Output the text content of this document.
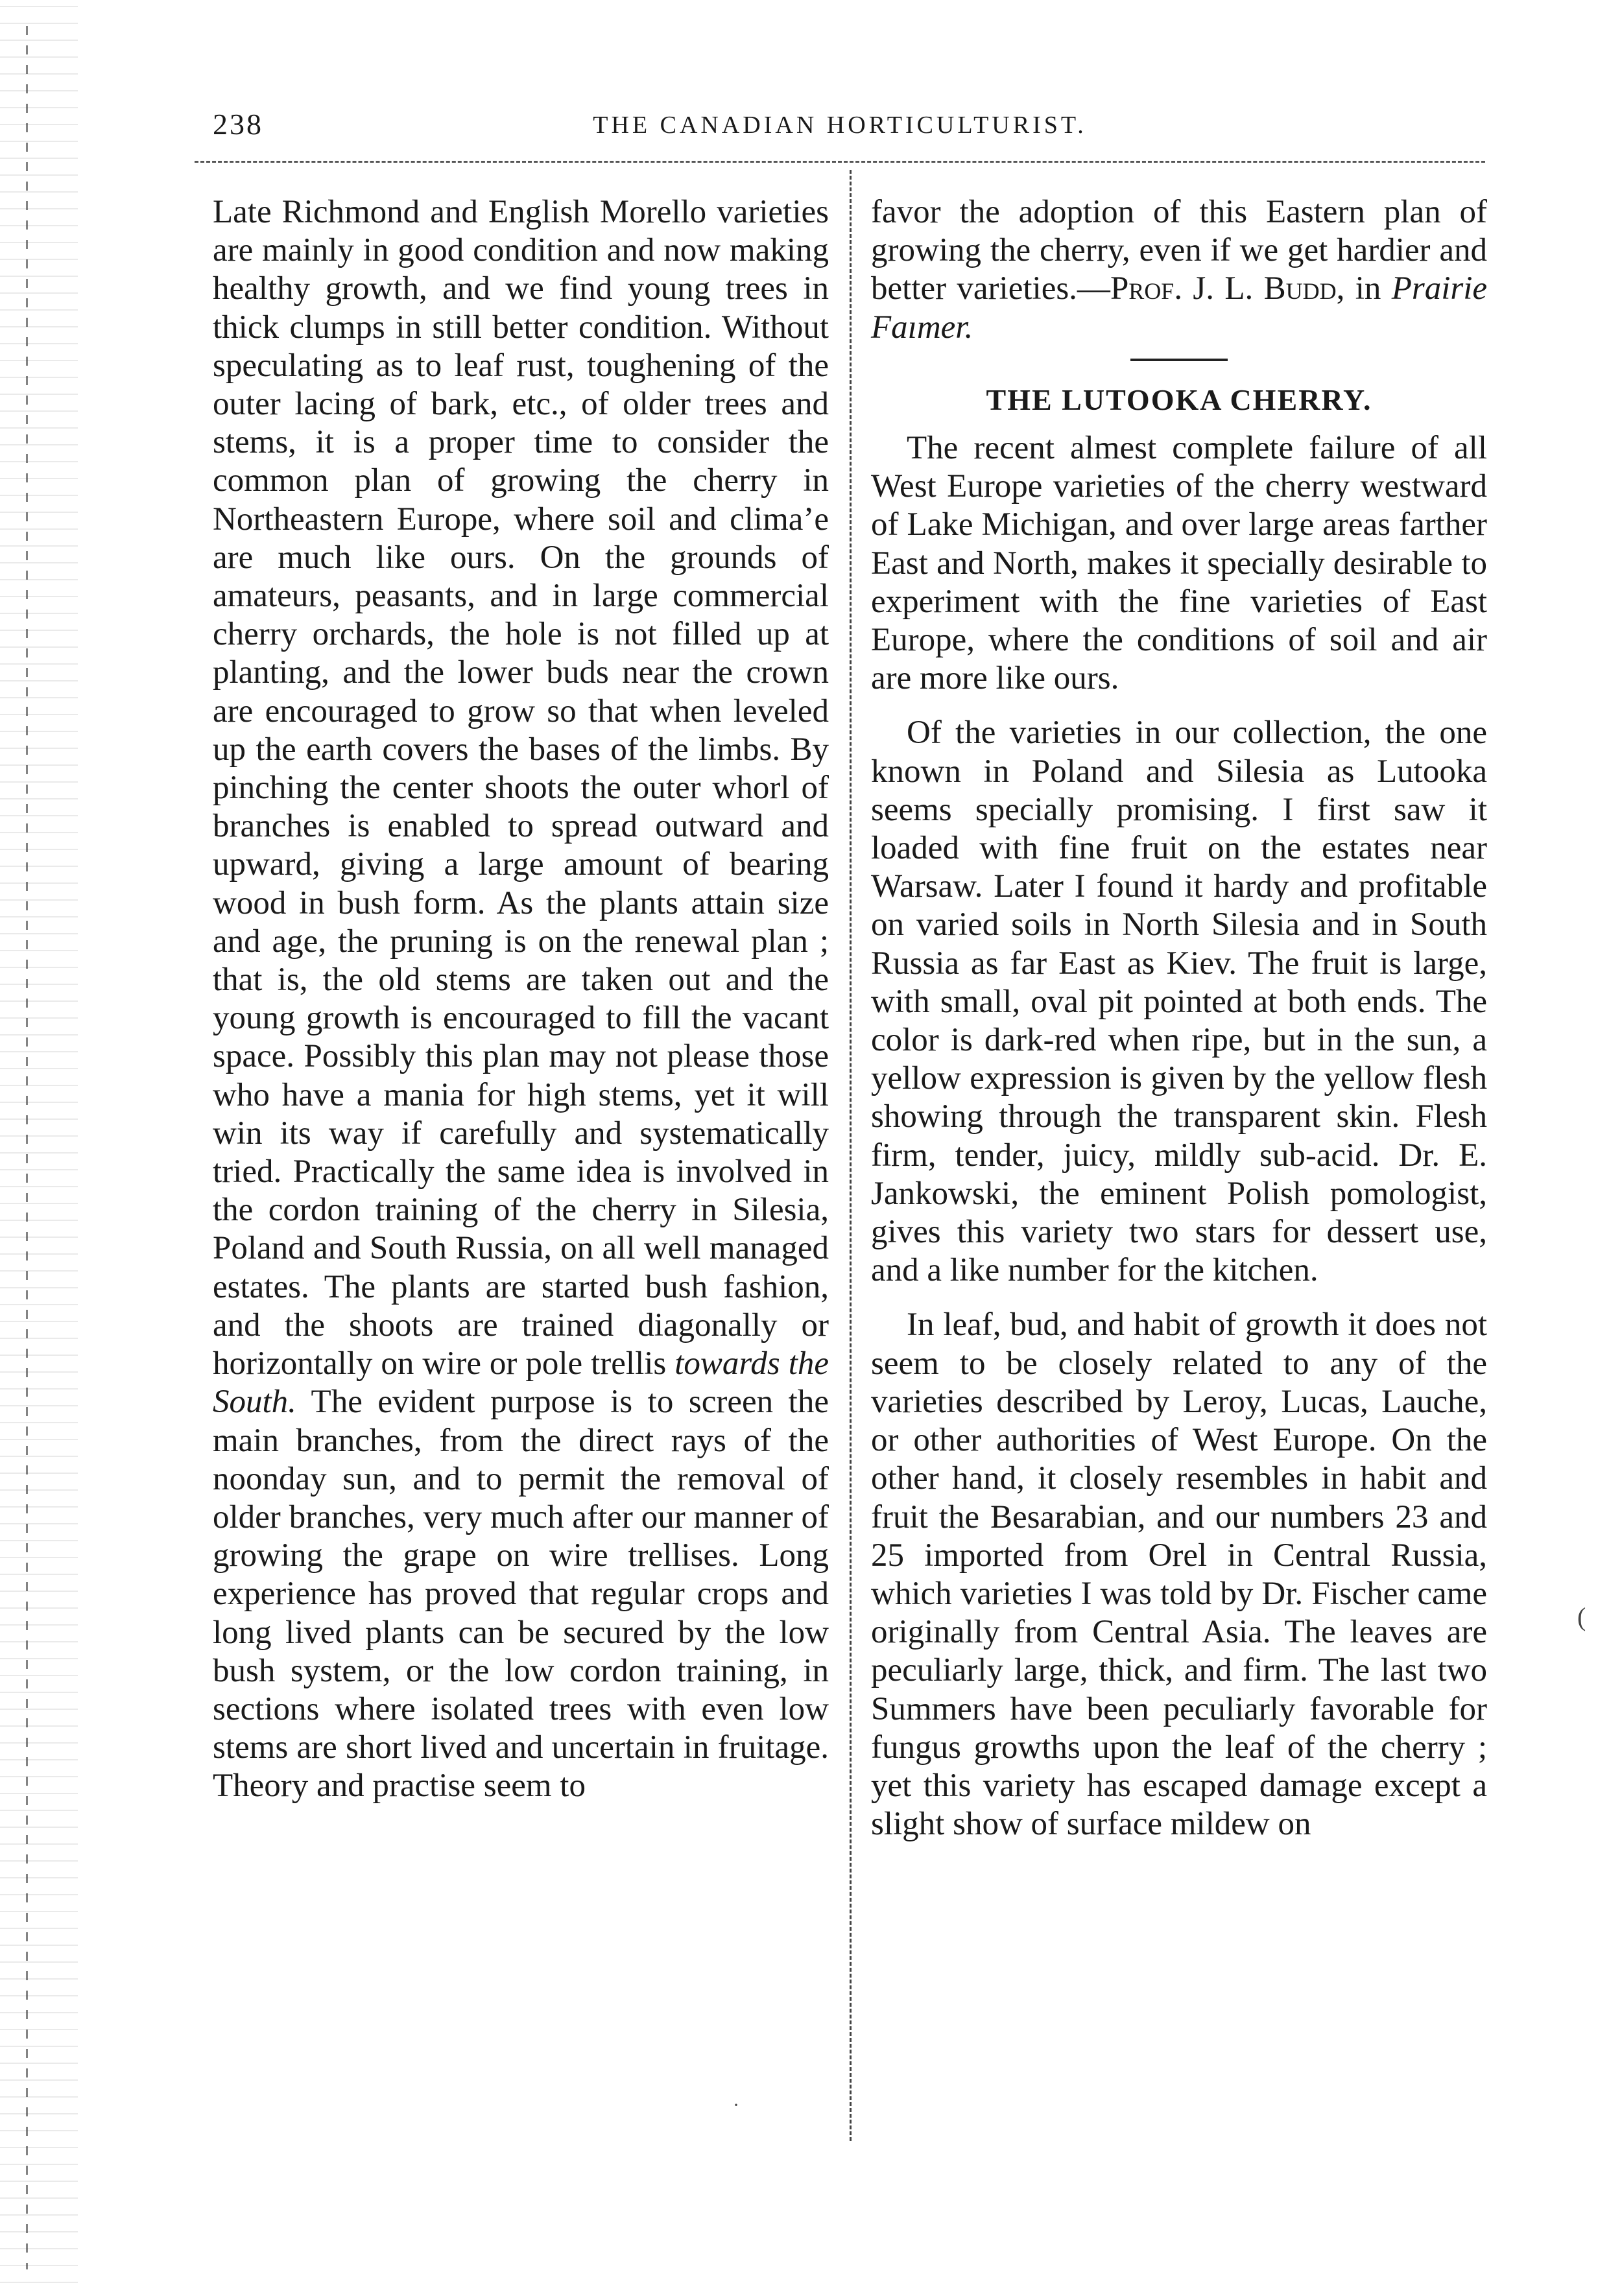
238	THE CANADIAN HORTICULTURIST.

Late Richmond and English Morello varieties are mainly in good condition and now making healthy growth, and we find young trees in thick clumps in still better condition. Without speculating as to leaf rust, toughening of the outer lacing of bark, etc., of older trees and stems, it is a proper time to consider the common plan of growing the cherry in Northeastern Europe, where soil and clima’e are much like ours. On the grounds of amateurs, peasants, and in large commercial cherry orchards, the hole is not filled up at planting, and the lower buds near the crown are encouraged to grow so that when leveled up the earth covers the bases of the limbs. By pinching the center shoots the outer whorl of branches is enabled to spread outward and upward, giving a large amount of bearing wood in bush form. As the plants attain size and age, the pruning is on the renewal plan ; that is, the old stems are taken out and the young growth is encouraged to fill the vacant space. Possibly this plan may not please those who have a mania for high stems, yet it will win its way if carefully and systematically tried. Practically the same idea is involved in the cordon training of the cherry in Silesia, Poland and South Russia, on all well managed estates. The plants are started bush fashion, and the shoots are trained diagonally or horizontally on wire or pole trellis towards the South. The evident purpose is to screen the main branches, from the direct rays of the noonday sun, and to permit the removal of older branches, very much after our manner of growing the grape on wire trellises. Long experience has proved that regular crops and long lived plants can be secured by the low bush system, or the low cordon training, in sections where isolated trees with even low stems are short lived and uncertain in fruitage. Theory and practise seem to

favor the adoption of this Eastern plan of growing the cherry, even if we get hardier and better varieties.—Prof. J. L. Budd, in Prairie Faımer.

THE LUTOOKA CHERRY.

The recent almest complete failure of all West Europe varieties of the cherry westward of Lake Michigan, and over large areas farther East and North, makes it specially desirable to experiment with the fine varieties of East Europe, where the conditions of soil and air are more like ours.

Of the varieties in our collection, the one known in Poland and Silesia as Lutooka seems specially promising. I first saw it loaded with fine fruit on the estates near Warsaw. Later I found it hardy and profitable on varied soils in North Silesia and in South Russia as far East as Kiev. The fruit is large, with small, oval pit pointed at both ends. The color is dark-red when ripe, but in the sun, a yellow expression is given by the yellow flesh showing through the transparent skin. Flesh firm, tender, juicy, mildly sub-acid. Dr. E. Jankowski, the eminent Polish pomologist, gives this variety two stars for dessert use, and a like number for the kitchen.

In leaf, bud, and habit of growth it does not seem to be closely related to any of the varieties described by Leroy, Lucas, Lauche, or other authorities of West Europe. On the other hand, it closely resembles in habit and fruit the Besarabian, and our numbers 23 and 25 imported from Orel in Central Russia, which varieties I was told by Dr. Fischer came originally from Central Asia. The leaves are peculiarly large, thick, and firm. The last two Summers have been peculiarly favorable for fungus growths upon the leaf of the cherry ; yet this variety has escaped damage except a slight show of surface mildew on

(
·
